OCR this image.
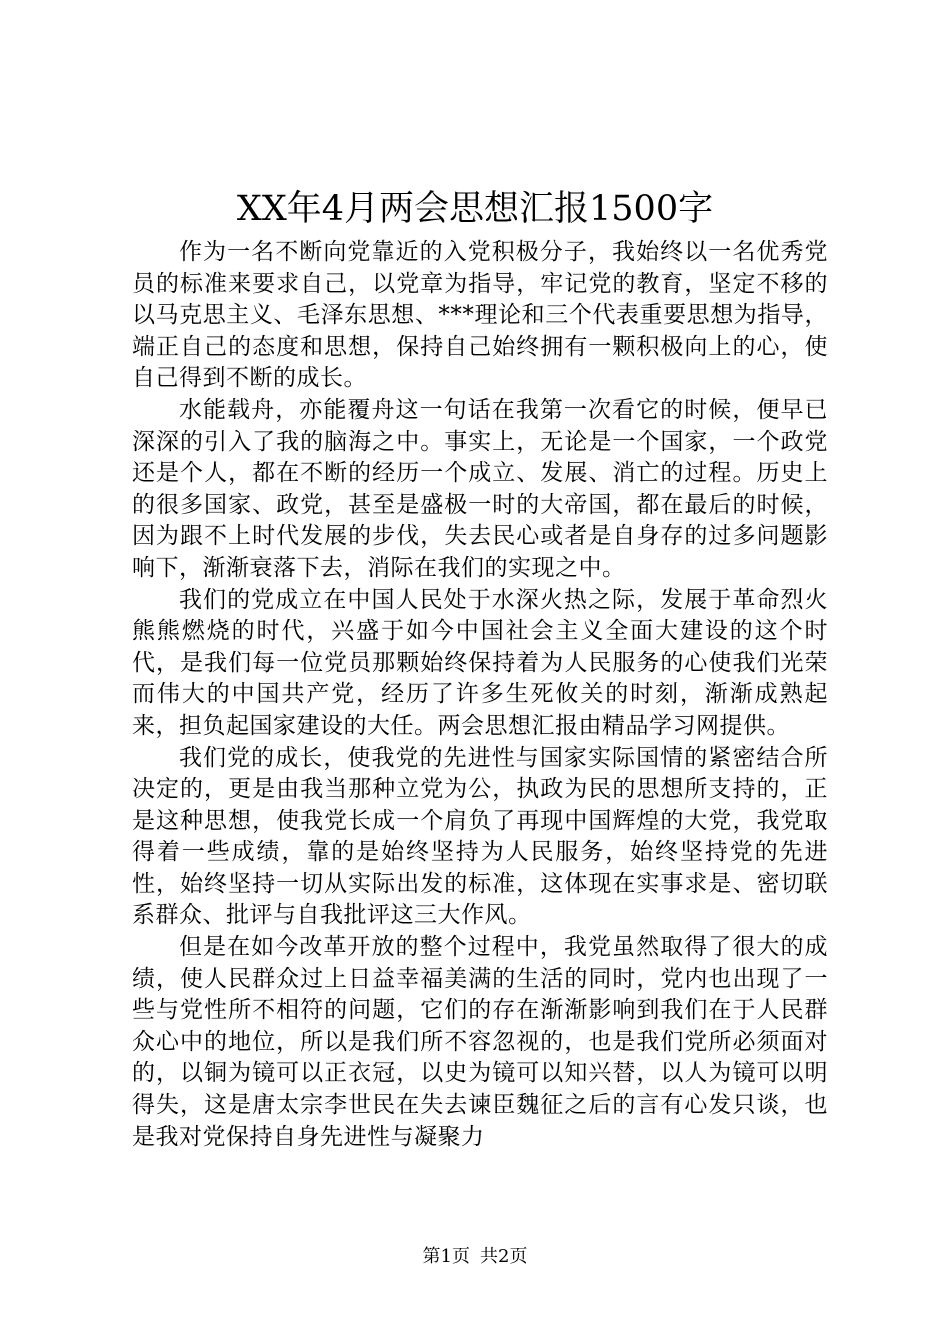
XX年4月两会思想汇报1500字

作为一名不断向党靠近的入党积极分子，我始终以一名优秀党员的标准来要求自己，以党章为指导，牢记党的教育，坚定不移的以马克思主义、毛泽东思想、***理论和三个代表重要思想为指导，端正自己的态度和思想，保持自己始终拥有一颗积极向上的心，使自己得到不断的成长。

水能载舟，亦能覆舟这一句话在我第一次看它的时候，便早已深深的引入了我的脑海之中。事实上，无论是一个国家，一个政党还是个人，都在不断的经历一个成立、发展、消亡的过程。历史上的很多国家、政党，甚至是盛极一时的大帝国，都在最后的时候，因为跟不上时代发展的步伐，失去民心或者是自身存的过多问题影响下，渐渐衰落下去，消际在我们的实现之中。

我们的党成立在中国人民处于水深火热之际，发展于革命烈火熊熊燃烧的时代，兴盛于如今中国社会主义全面大建设的这个时代，是我们每一位党员那颗始终保持着为人民服务的心使我们光荣而伟大的中国共产党，经历了许多生死攸关的时刻，渐渐成熟起来，担负起国家建设的大任。两会思想汇报由精品学习网提供。

我们党的成长，使我党的先进性与国家实际国情的紧密结合所决定的，更是由我当那种立党为公，执政为民的思想所支持的，正是这种思想，使我党长成一个肩负了再现中国辉煌的大党，我党取得着一些成绩，靠的是始终坚持为人民服务，始终坚持党的先进性，始终坚持一切从实际出发的标准，这体现在实事求是、密切联系群众、批评与自我批评这三大作风。

但是在如今改革开放的整个过程中，我党虽然取得了很大的成绩，使人民群众过上日益幸福美满的生活的同时，党内也出现了一些与党性所不相符的问题，它们的存在渐渐影响到我们在于人民群众心中的地位，所以是我们所不容忽视的，也是我们党所必须面对的，以铜为镜可以正衣冠，以史为镜可以知兴替，以人为镜可以明得失，这是唐太宗李世民在失去谏臣魏征之后的言有心发只谈，也是我对党保持自身先进性与凝聚力

第1页 共2页
